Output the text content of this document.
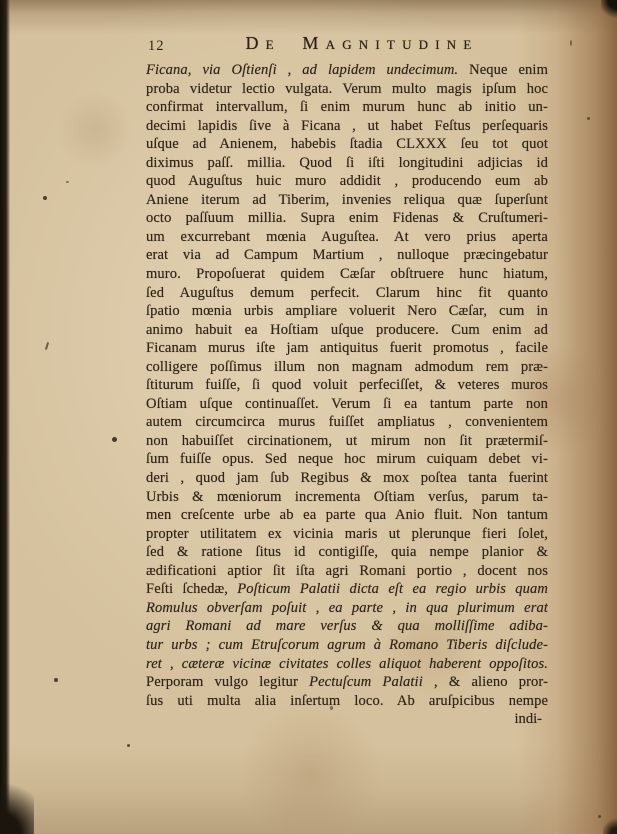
12	De Magnitudine
Ficana, via Oſtienſi , ad lapidem undecimum. Neque enim
proba videtur lectio vulgata. Verum multo magis ipſum hoc
confirmat intervallum, ſi enim murum hunc ab initio un-
decimi lapidis ſive à Ficana , ut habet Feſtus perſequaris
uſque ad Anienem, habebis ſtadia CLXXX ſeu tot quot
diximus paſſ. millia. Quod ſi iſti longitudini adjicias id
quod Auguſtus huic muro addidit , producendo eum ab
Aniene iterum ad Tiberim, invenies reliqua quæ ſuperſunt
octo paſſuum millia. Supra enim Fidenas & Cruſtumeri-
um excurrebant mœnia Auguſtea. At vero prius aperta
erat via ad Campum Martium , nulloque præcingebatur
muro. Propoſuerat quidem Cæſar obſtruere hunc hiatum,
ſed Auguſtus demum perfecit. Clarum hinc fit quanto
ſpatio mœnia urbis ampliare voluerit Nero Cæſar, cum in
animo habuit ea Hoſtiam uſque producere. Cum enim ad
Ficanam murus iſte jam antiquitus fuerit promotus , facile
colligere poſſimus illum non magnam admodum rem præ-
ſtiturum fuiſſe, ſi quod voluit perfeciſſet, & veteres muros
Oſtiam uſque continuaſſet. Verum ſi ea tantum parte non
autem circumcirca murus fuiſſet ampliatus , convenientem
non habuiſſet circinationem, ut mirum non ſit prætermiſ-
ſum fuiſſe opus. Sed neque hoc mirum cuiquam debet vi-
deri , quod jam ſub Regibus & mox poſtea tanta fuerint
Urbis & mœniorum incrementa Oſtiam verſus, parum ta-
men creſcente urbe ab ea parte qua Anio fluit. Non tantum
propter utilitatem ex vicinia maris ut plerunque fieri ſolet,
ſed & ratione ſitus id contigiſſe, quia nempe planior &
ædificationi aptior ſit iſta agri Romani portio , docent nos
Feſti ſchedæ, Poſticum Palatii dicta eſt ea regio urbis quam
Romulus obverſam poſuit , ea parte , in qua plurimum erat
agri Romani ad mare verſus & qua molliſſime adiba-
tur urbs ; cum Etruſcorum agrum à Romano Tiberis diſclude-
ret , cæteræ vicinæ civitates colles aliquot haberent oppoſitos.
Perporam vulgo legitur Pectuſcum Palatii , & alieno pror-
ſus uti multa alia inſertum loco. Ab aruſpicibus nempe
indi-
